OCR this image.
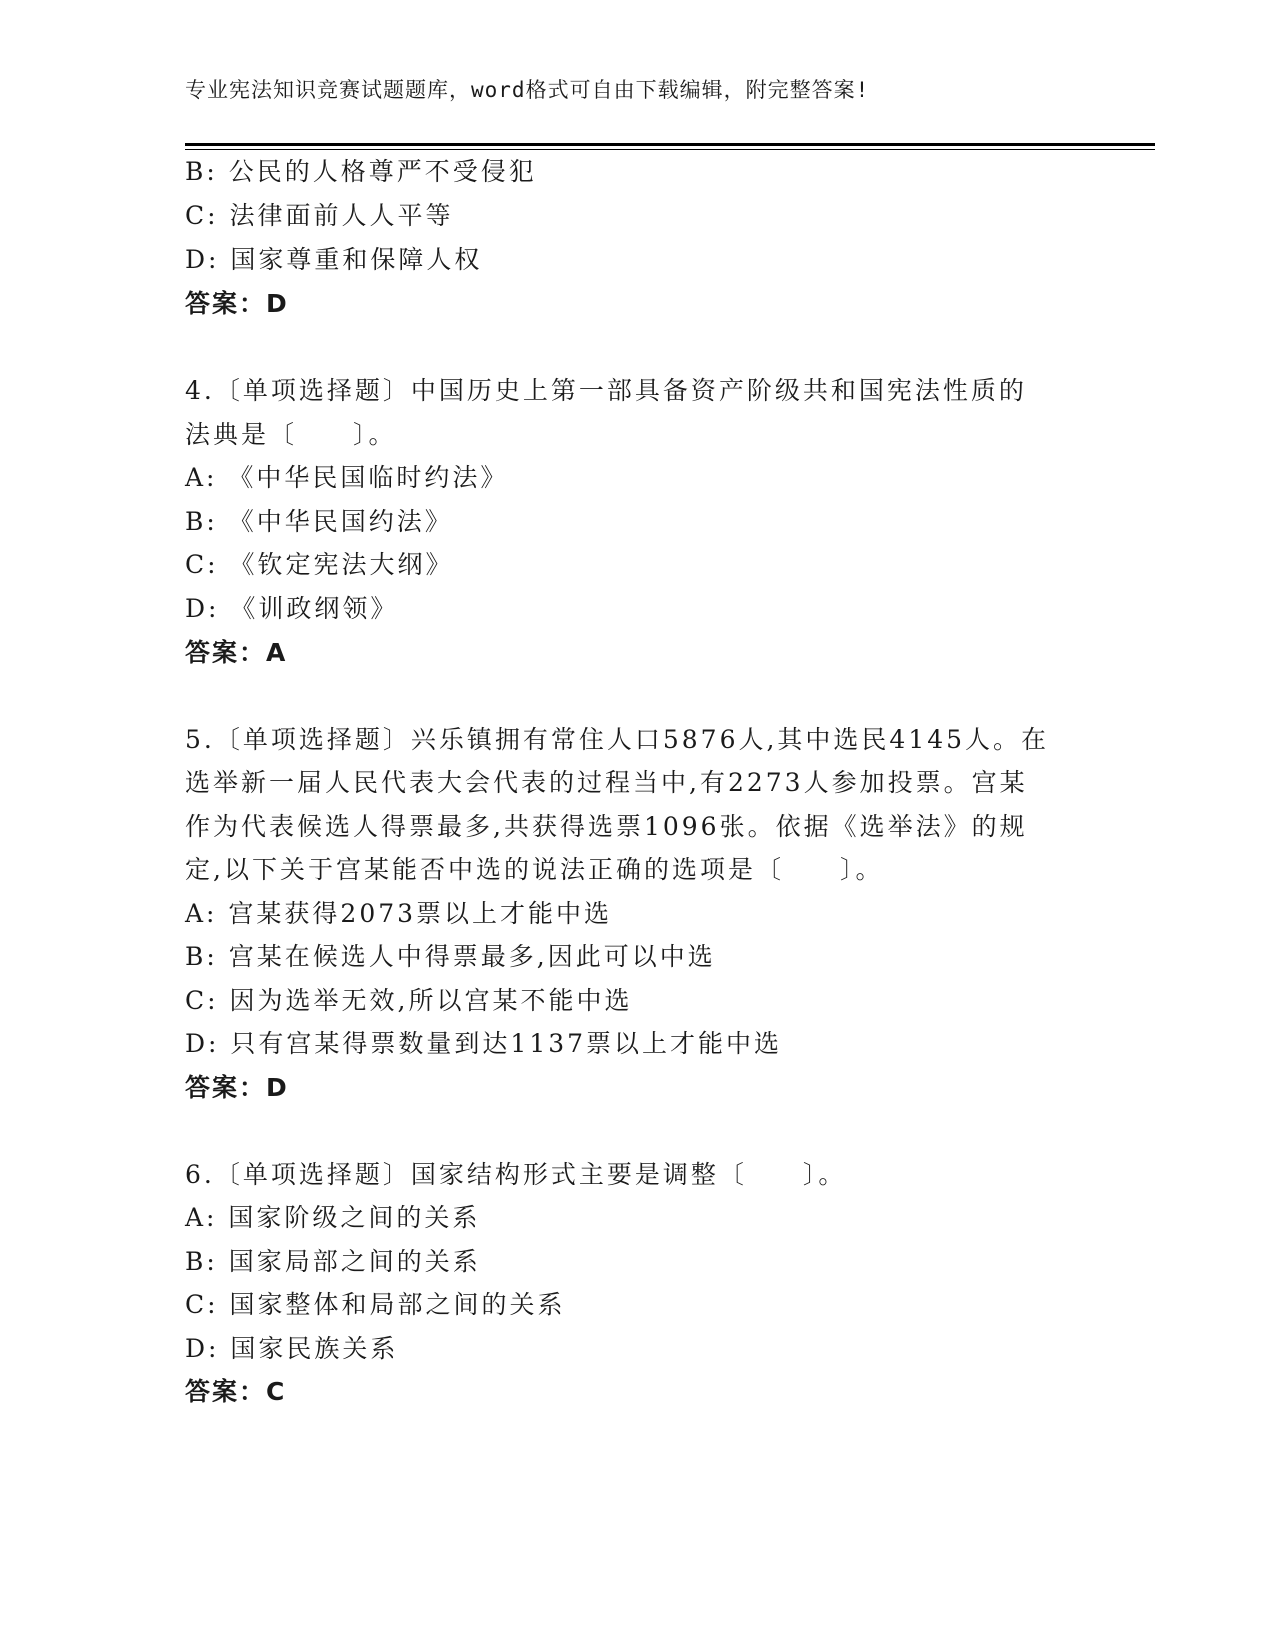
专业宪法知识竞赛试题题库，word格式可自由下载编辑，附完整答案!
B: 公民的人格尊严不受侵犯
C: 法律面前人人平等
D: 国家尊重和保障人权
答案：D
4.〔单项选择题〕中国历史上第一部具备资产阶级共和国宪法性质的
法典是〔　　〕。
A: 《中华民国临时约法》
B: 《中华民国约法》
C: 《钦定宪法大纲》
D: 《训政纲领》
答案：A
5.〔单项选择题〕兴乐镇拥有常住人口5876人,其中选民4145人。在
选举新一届人民代表大会代表的过程当中,有2273人参加投票。宫某
作为代表候选人得票最多,共获得选票1096张。依据《选举法》的规
定,以下关于宫某能否中选的说法正确的选项是〔　　〕。
A: 宫某获得2073票以上才能中选
B: 宫某在候选人中得票最多,因此可以中选
C: 因为选举无效,所以宫某不能中选
D: 只有宫某得票数量到达1137票以上才能中选
答案：D
6.〔单项选择题〕国家结构形式主要是调整〔　　〕。
A: 国家阶级之间的关系
B: 国家局部之间的关系
C: 国家整体和局部之间的关系
D: 国家民族关系
答案：C
